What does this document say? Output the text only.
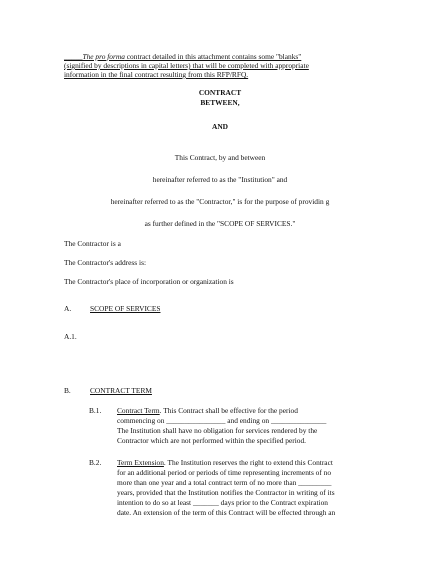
_____The pro forma contract detailed in this attachment contains some "blanks"
(signified by descriptions in capital letters) that will be completed with appropriate
information in the final contract resulting from this RFP/RFQ.
CONTRACT
BETWEEN,
AND
This Contract, by and between
hereinafter referred to as the "Institution" and
hereinafter referred to as the "Contractor," is for the purpose of providin g
as further defined in the "SCOPE OF SERVICES."
The Contractor is a
The Contractor's address is:
The Contractor's place of incorporation or organization is
A.	SCOPE OF SERVICES
A.1.
B.	CONTRACT TERM
B.1. Contract Term. This Contract shall be effective for the period
commencing on ________________ and ending on _______________
The Institution shall have no obligation for services rendered by the
Contractor which are not performed within the specified period.
B.2. Term Extension. The Institution reserves the right to extend this Contract
for an additional period or periods of time representing increments of no
more than one year and a total contract term of no more than _________
years, provided that the Institution notifies the Contractor in writing of its
intention to do so at least _______ days prior to the Contract expiration
date. An extension of the term of this Contract will be effected through an
